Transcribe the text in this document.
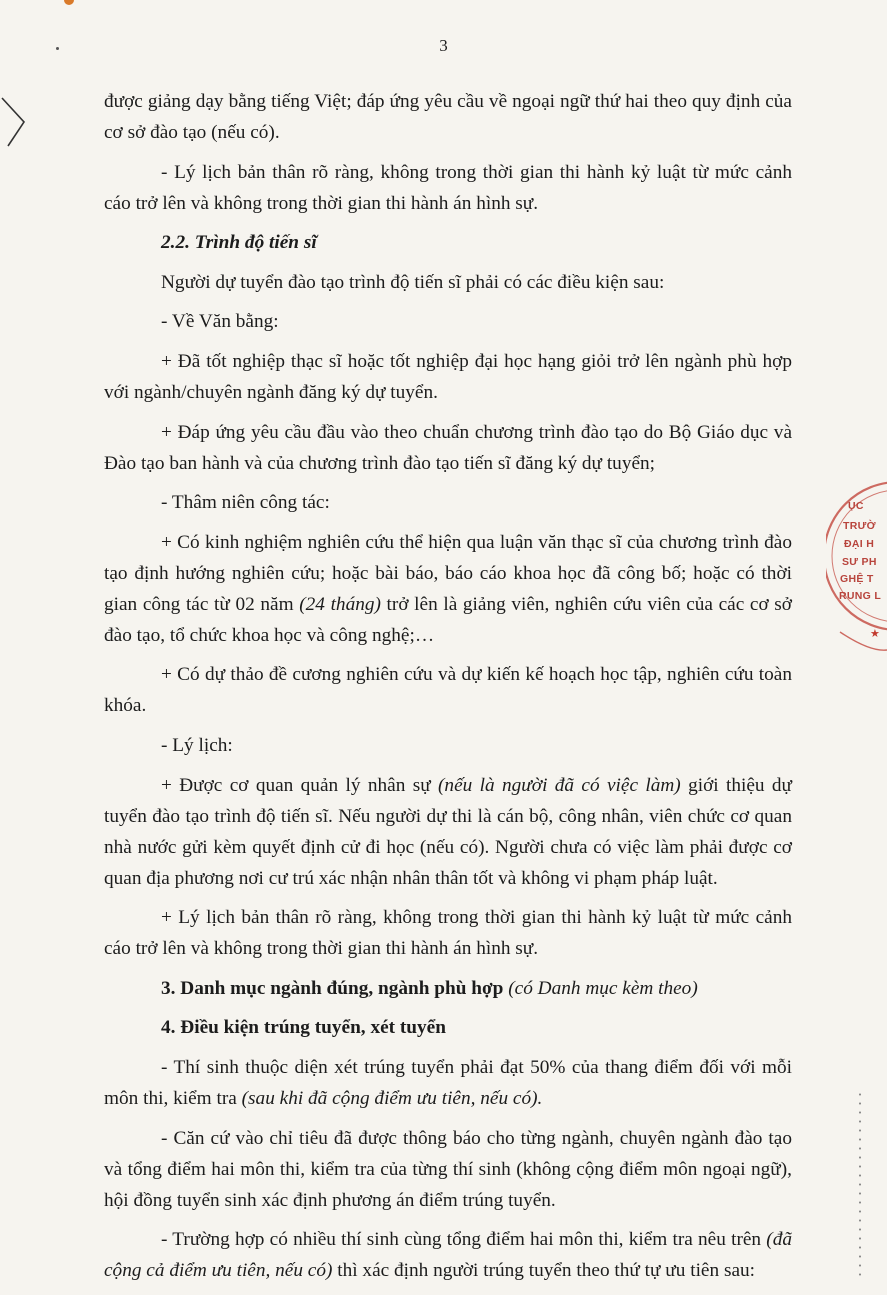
3

được giảng dạy bằng tiếng Việt; đáp ứng yêu cầu về ngoại ngữ thứ hai theo quy định của cơ sở đào tạo (nếu có).

- Lý lịch bản thân rõ ràng, không trong thời gian thi hành kỷ luật từ mức cảnh cáo trở lên và không trong thời gian thi hành án hình sự.

2.2. Trình độ tiến sĩ

Người dự tuyển đào tạo trình độ tiến sĩ phải có các điều kiện sau:

- Về Văn bằng:

+ Đã tốt nghiệp thạc sĩ hoặc tốt nghiệp đại học hạng giỏi trở lên ngành phù hợp với ngành/chuyên ngành đăng ký dự tuyển.

+ Đáp ứng yêu cầu đầu vào theo chuẩn chương trình đào tạo do Bộ Giáo dục và Đào tạo ban hành và của chương trình đào tạo tiến sĩ đăng ký dự tuyển;

- Thâm niên công tác:

+ Có kinh nghiệm nghiên cứu thể hiện qua luận văn thạc sĩ của chương trình đào tạo định hướng nghiên cứu; hoặc bài báo, báo cáo khoa học đã công bố; hoặc có thời gian công tác từ 02 năm (24 tháng) trở lên là giảng viên, nghiên cứu viên của các cơ sở đào tạo, tổ chức khoa học và công nghệ;…

+ Có dự thảo đề cương nghiên cứu và dự kiến kế hoạch học tập, nghiên cứu toàn khóa.

- Lý lịch:

+ Được cơ quan quản lý nhân sự (nếu là người đã có việc làm) giới thiệu dự tuyển đào tạo trình độ tiến sĩ. Nếu người dự thi là cán bộ, công nhân, viên chức cơ quan nhà nước gửi kèm quyết định cử đi học (nếu có). Người chưa có việc làm phải được cơ quan địa phương nơi cư trú xác nhận nhân thân tốt và không vi phạm pháp luật.

+ Lý lịch bản thân rõ ràng, không trong thời gian thi hành kỷ luật từ mức cảnh cáo trở lên và không trong thời gian thi hành án hình sự.

3. Danh mục ngành đúng, ngành phù hợp (có Danh mục kèm theo)

4. Điều kiện trúng tuyển, xét tuyển

- Thí sinh thuộc diện xét trúng tuyển phải đạt 50% của thang điểm đối với mỗi môn thi, kiểm tra (sau khi đã cộng điểm ưu tiên, nếu có).

- Căn cứ vào chỉ tiêu đã được thông báo cho từng ngành, chuyên ngành đào tạo và tổng điểm hai môn thi, kiểm tra của từng thí sinh (không cộng điểm môn ngoại ngữ), hội đồng tuyển sinh xác định phương án điểm trúng tuyển.

- Trường hợp có nhiều thí sinh cùng tổng điểm hai môn thi, kiểm tra nêu trên (đã cộng cả điểm ưu tiên, nếu có) thì xác định người trúng tuyển theo thứ tự ưu tiên sau:

★
ỤC
TRƯỜ
ĐẠI H
SƯ PH
GHỆ T
RUNG L
